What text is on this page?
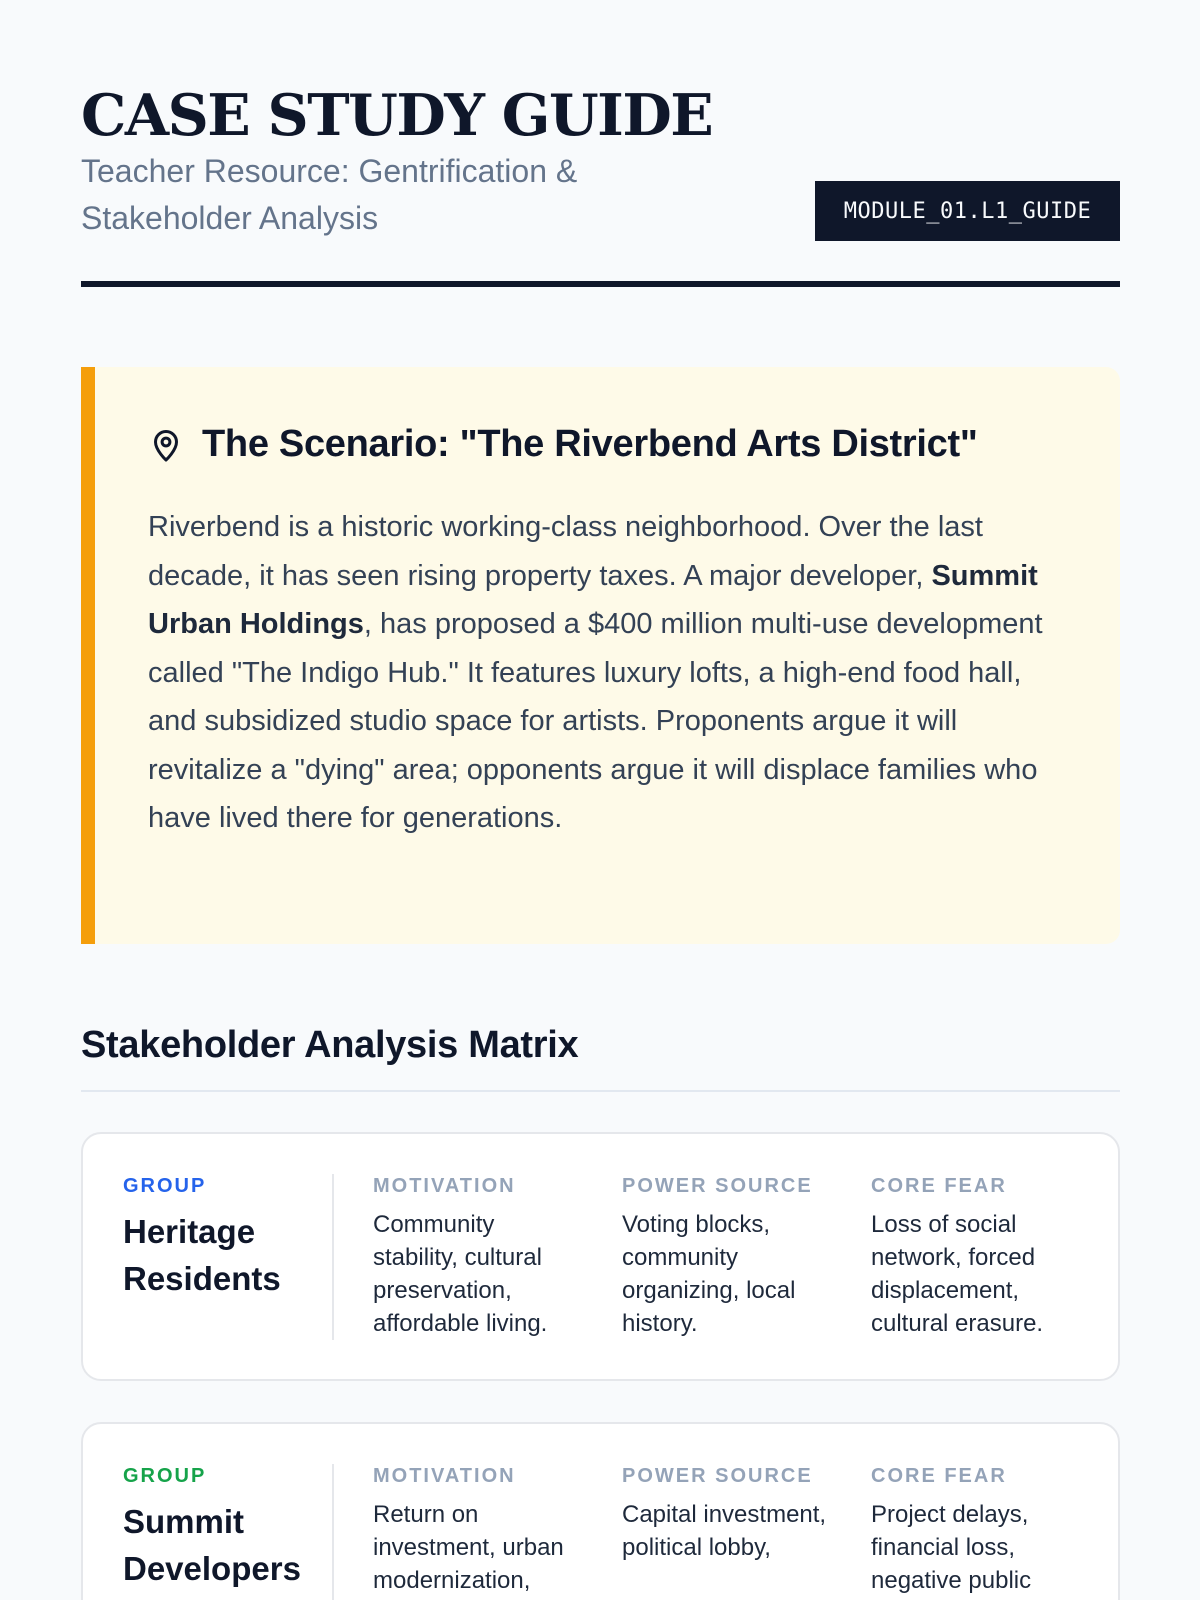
CASE STUDY GUIDE
Teacher Resource: Gentrification & Stakeholder Analysis	MODULE_01.L1_GUIDE
The Scenario: "The Riverbend Arts District"

Riverbend is a historic working-class neighborhood. Over the last decade, it has seen rising property taxes. A major developer, Summit Urban Holdings, has proposed a $400 million multi-use development called "The Indigo Hub." It features luxury lofts, a high-end food hall, and subsidized studio space for artists. Proponents argue it will revitalize a "dying" area; opponents argue it will displace families who have lived there for generations.

Stakeholder Analysis Matrix
GROUP
Heritage Residents
MOTIVATION
Community stability, cultural preservation, affordable living.
POWER SOURCE
Voting blocks, community organizing, local history.
CORE FEAR
Loss of social network, forced displacement, cultural erasure.
GROUP
Summit Developers
MOTIVATION
Return on investment, urban modernization,
POWER SOURCE
Capital investment, political lobby,
CORE FEAR
Project delays, financial loss, negative public
